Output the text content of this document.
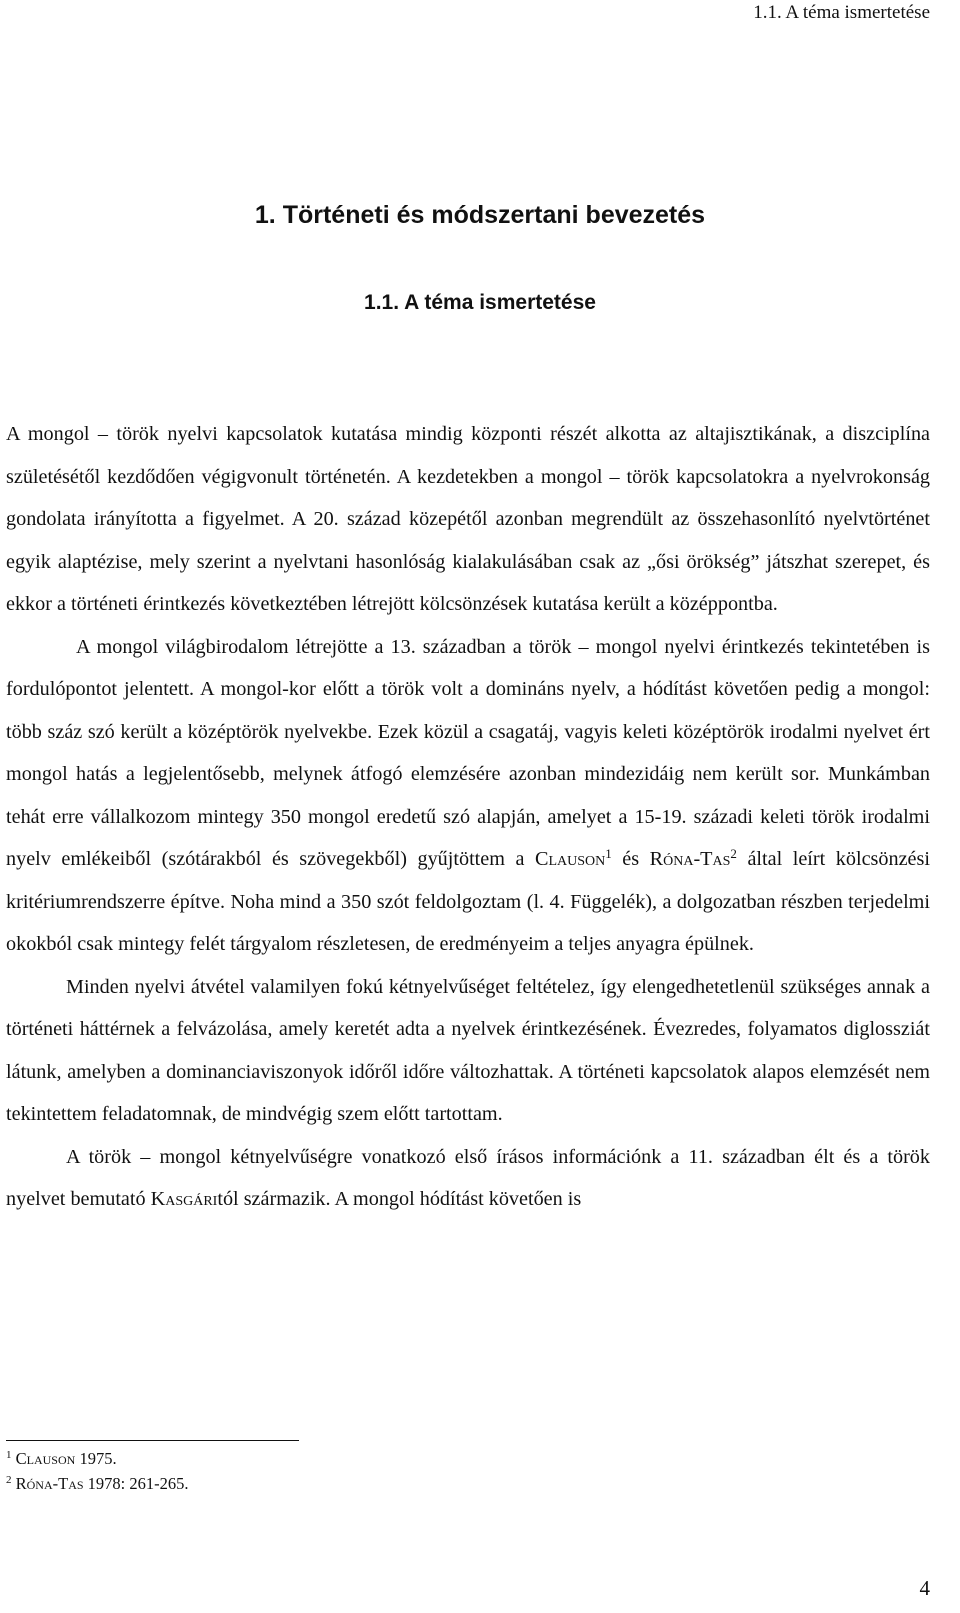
1.1. A téma ismertetése
1. Történeti és módszertani bevezetés
1.1. A téma ismertetése

A mongol – török nyelvi kapcsolatok kutatása mindig központi részét alkotta az altajisztikának, a diszciplína születésétől kezdődően végigvonult történetén. A kezdetekben a mongol – török kapcsolatokra a nyelvrokonság gondolata irányította a figyelmet. A 20. század közepétől azonban megrendült az összehasonlító nyelvtörténet egyik alaptézise, mely szerint a nyelvtani hasonlóság kialakulásában csak az „ősi örökség” játszhat szerepet, és ekkor a történeti érintkezés következtében létrejött kölcsönzések kutatása került a középpontba.

A mongol világbirodalom létrejötte a 13. században a török – mongol nyelvi érintkezés tekintetében is fordulópontot jelentett. A mongol-kor előtt a török volt a domináns nyelv, a hódítást követően pedig a mongol: több száz szó került a középtörök nyelvekbe. Ezek közül a csagatáj, vagyis keleti középtörök irodalmi nyelvet ért mongol hatás a legjelentősebb, melynek átfogó elemzésére azonban mindezidáig nem került sor. Munkámban tehát erre vállalkozom mintegy 350 mongol eredetű szó alapján, amelyet a 15-19. századi keleti török irodalmi nyelv emlékeiből (szótárakból és szövegekből) gyűjtöttem a Clauson$^1$ és Róna-Tas$^2$ által leírt kölcsönzési kritériumrendszerre építve. Noha mind a 350 szót feldolgoztam (l. 4. Függelék), a dolgozatban részben terjedelmi okokból csak mintegy felét tárgyalom részletesen, de eredményeim a teljes anyagra épülnek.

Minden nyelvi átvétel valamilyen fokú kétnyelvűséget feltételez, így elengedhetetlenül szükséges annak a történeti háttérnek a felvázolása, amely keretét adta a nyelvek érintkezésének. Évezredes, folyamatos diglossziát látunk, amelyben a dominanciaviszonyok időről időre változhattak. A történeti kapcsolatok alapos elemzését nem tekintettem feladatomnak, de mindvégig szem előtt tartottam.

A török – mongol kétnyelvűségre vonatkozó első írásos információnk a 11. században élt és a török nyelvet bemutató Kasgáritól származik. A mongol hódítást követően is

$^1$ Clauson 1975.

$^2$ Róna-Tas 1978: 261-265.

4
